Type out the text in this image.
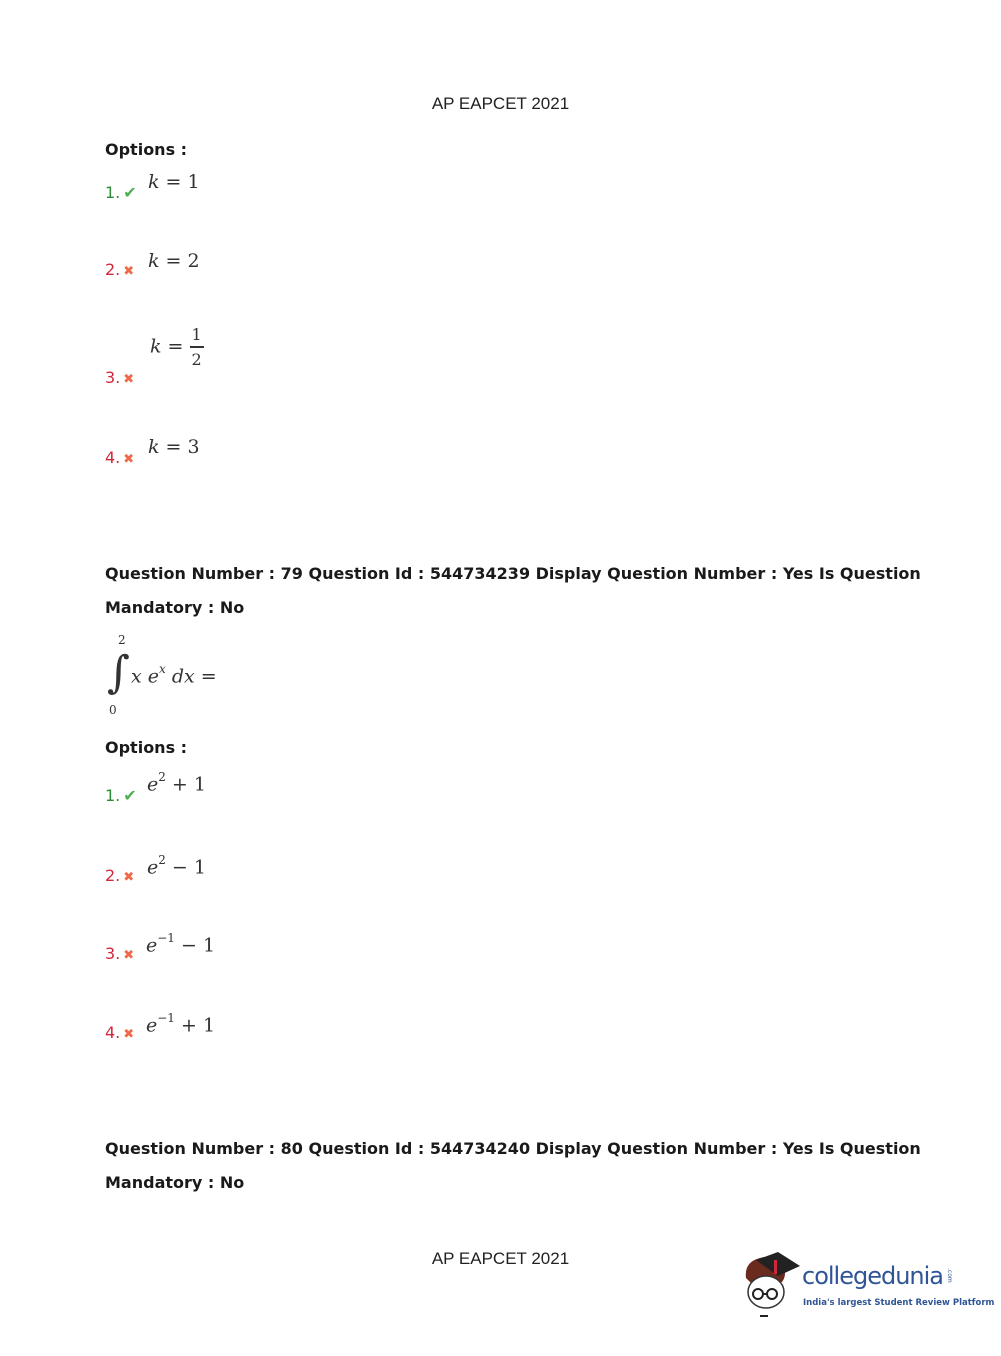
AP EAPCET 2021
Options :
1. ✔ k = 1
2. ✖ k = 2
3. ✖
$k = \frac{1}{2}$
4. ✖
k = 3
Question Number : 79 Question Id : 544734239 Display Question Number : Yes Is Question
Mandatory : No
2
∫
0
x $e^x$ dx =
Options :
1. ✔
$e^2 + 1$
2. ✖ $e^2 - 1$
3. ✖ $e^{-1} - 1$
4. ✖ $e^{-1} + 1$
Question Number : 80 Question Id : 544734240 Display Question Number : Yes Is Question
Mandatory : No
AP EAPCET 2021
collegedunia .com
India's largest Student Review Platform
